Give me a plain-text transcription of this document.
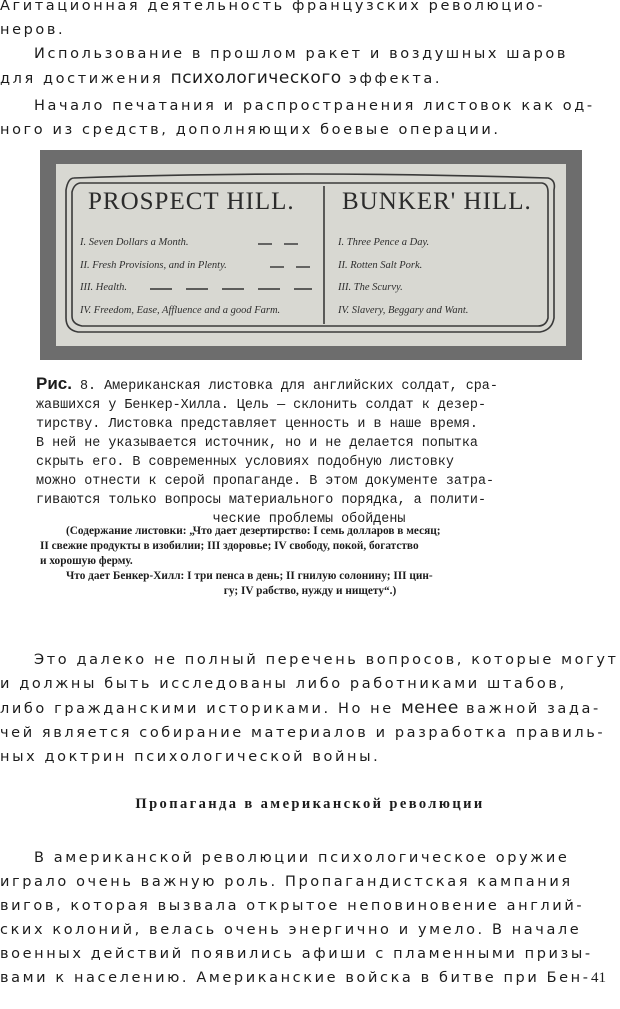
Агитационная деятельность французских революцио-
неров.
Использование в прошлом ракет и воздушных шаров
для достижения психологического эффекта.
Начало печатания и распространения листовок как од-
ного из средств, дополняющих боевые операции.
PROSPECT HILL. BUNKER' HILL.
I. Seven Dollars a Month.
II. Fresh Provisions, and in Plenty.
III. Health.
IV. Freedom, Ease, Affluence and a good Farm.
I. Three Pence a Day.
II. Rotten Salt Pork.
III. The Scurvy.
IV. Slavery, Beggary and Want.
Рис. 8. Американская листовка для английских солдат, сра-
жавшихся у Бенкер-Хилла. Цель — склонить солдат к дезер-
тирству. Листовка представляет ценность и в наше время.
В ней не указывается источник, но и не делается попытка
скрыть его. В современных условиях подобную листовку
можно отнести к серой пропаганде. В этом документе затра-
гиваются только вопросы материального порядка, а полити-
ческие проблемы обойдены
(Содержание листовки: „Что дает дезертирство: I семь долларов в месяц;
II свежие продукты в изобилии; III здоровье; IV свободу, покой, богатство
и хорошую ферму.
Что дает Бенкер-Хилл: I три пенса в день; II гнилую солонину; III цин-
гу; IV рабство, нужду и нищету“.)
Это далеко не полный перечень вопросов, которые могут
и должны быть исследованы либо работниками штабов,
либо гражданскими историками. Но не менее важной зада-
чей является собирание материалов и разработка правиль-
ных доктрин психологической войны.
Пропаганда в американской революции
В американской революции психологическое оружие
играло очень важную роль. Пропагандистская кампания
вигов, которая вызвала открытое неповиновение англий-
ских колоний, велась очень энергично и умело. В начале
военных действий появились афиши с пламенными призы-
вами к населению. Американские войска в битве при Бен- 41
